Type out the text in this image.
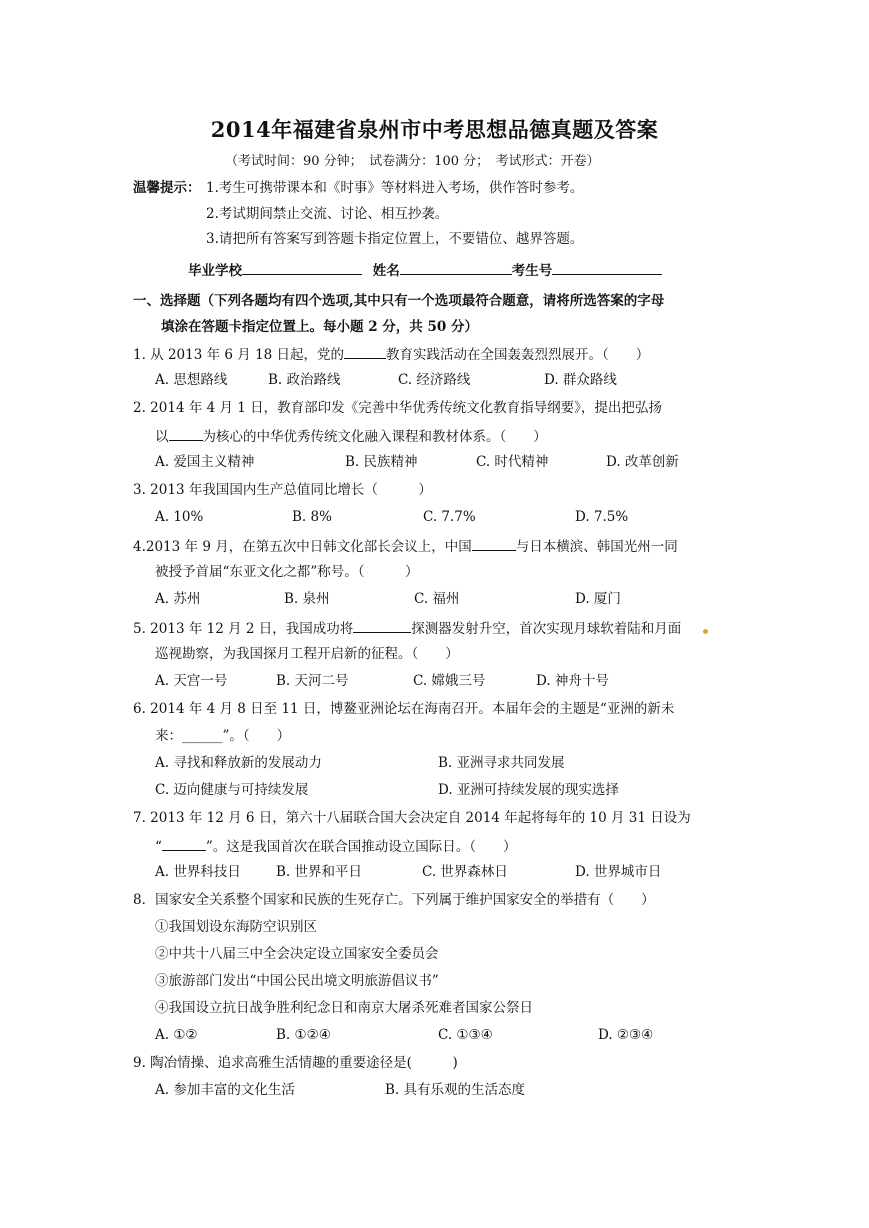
2014年福建省泉州市中考思想品德真题及答案
（考试时间：90 分钟；　试卷满分：100 分；　考试形式：开卷）
温馨提示： 1.考生可携带课本和《时事》等材料进入考场，供作答时参考。
2.考试期间禁止交流、讨论、相互抄袭。
3.请把所有答案写到答题卡指定位置上，不要错位、越界答题。
毕业学校	姓名	考生号
一、选择题（下列各题均有四个选项,其中只有一个选项最符合题意，请将所选答案的字母
填涂在答题卡指定位置上。每小题 2 分，共 50 分）
1. 从 2013 年 6 月 18 日起，党的	教育实践活动在全国轰轰烈烈展开。（　　）
A. 思想路线	B. 政治路线	C. 经济路线	D. 群众路线
2. 2014 年 4 月 1 日，教育部印发《完善中华优秀传统文化教育指导纲要》，提出把弘扬
以	为核心的中华优秀传统文化融入课程和教材体系。（　　）
A. 爱国主义精神	B. 民族精神	C. 时代精神	D. 改革创新
3. 2013 年我国国内生产总值同比增长（　　　）
A. 10%	B. 8%	C. 7.7%	D. 7.5%
4.2013 年 9 月，在第五次中日韩文化部长会议上，中国	与日本横滨、韩国光州一同
被授予首届“东亚文化之都”称号。（　　　）
A. 苏州	B. 泉州	C. 福州	D. 厦门
5. 2013 年 12 月 2 日，我国成功将	探测器发射升空，首次实现月球软着陆和月面
巡视勘察，为我国探月工程开启新的征程。（　　）
A. 天宫一号	B. 天河二号	C. 嫦娥三号	D. 神舟十号
6. 2014 年 4 月 8 日至 11 日，博鳌亚洲论坛在海南召开。本届年会的主题是“亚洲的新未
来：______”。（　　）
A. 寻找和释放新的发展动力	B. 亚洲寻求共同发展
C. 迈向健康与可持续发展	D. 亚洲可持续发展的现实选择
7. 2013 年 12 月 6 日，第六十八届联合国大会决定自 2014 年起将每年的 10 月 31 日设为
“	”。这是我国首次在联合国推动设立国际日。（　　）
A. 世界科技日	B. 世界和平日	C. 世界森林日	D. 世界城市日
8．国家安全关系整个国家和民族的生死存亡。下列属于维护国家安全的举措有（　　）
①我国划设东海防空识别区
②中共十八届三中全会决定设立国家安全委员会
③旅游部门发出“中国公民出境文明旅游倡议书”
④我国设立抗日战争胜利纪念日和南京大屠杀死难者国家公祭日
A. ①②	B. ①②④	C. ①③④	D. ②③④
9. 陶冶情操、追求高雅生活情趣的重要途径是(　　　)
A. 参加丰富的文化生活	B. 具有乐观的生活态度
